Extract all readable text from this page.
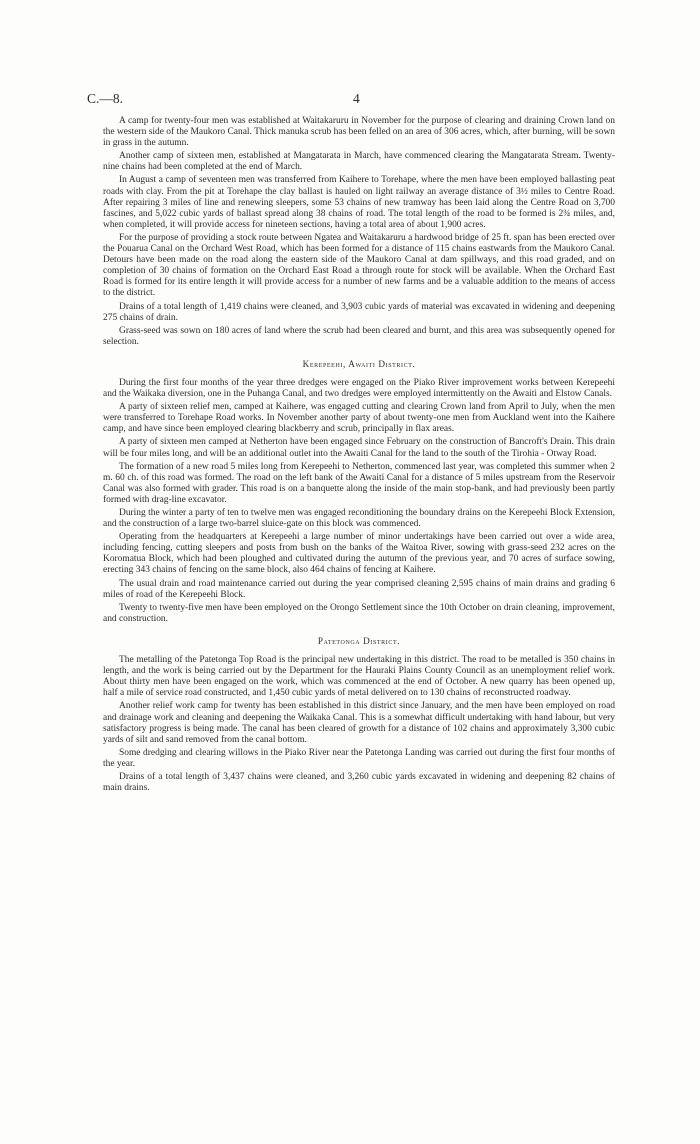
C.—8.	4

A camp for twenty-four men was established at Waitakaruru in November for the purpose of clearing and draining Crown land on the western side of the Maukoro Canal. Thick manuka scrub has been felled on an area of 306 acres, which, after burning, will be sown in grass in the autumn.

Another camp of sixteen men, established at Mangatarata in March, have commenced clearing the Mangatarata Stream. Twenty-nine chains had been completed at the end of March.

In August a camp of seventeen men was transferred from Kaihere to Torehape, where the men have been employed ballasting peat roads with clay. From the pit at Torehape the clay ballast is hauled on light railway an average distance of 3½ miles to Centre Road. After repairing 3 miles of line and renewing sleepers, some 53 chains of new tramway has been laid along the Centre Road on 3,700 fascines, and 5,022 cubic yards of ballast spread along 38 chains of road. The total length of the road to be formed is 2¾ miles, and, when completed, it will provide access for nineteen sections, having a total area of about 1,900 acres.

For the purpose of providing a stock route between Ngatea and Waitakaruru a hardwood bridge of 25 ft. span has been erected over the Pouarua Canal on the Orchard West Road, which has been formed for a distance of 115 chains eastwards from the Maukoro Canal. Detours have been made on the road along the eastern side of the Maukoro Canal at dam spillways, and this road graded, and on completion of 30 chains of formation on the Orchard East Road a through route for stock will be available. When the Orchard East Road is formed for its entire length it will provide access for a number of new farms and be a valuable addition to the means of access to the district.

Drains of a total length of 1,419 chains were cleaned, and 3,903 cubic yards of material was excavated in widening and deepening 275 chains of drain.

Grass-seed was sown on 180 acres of land where the scrub had been cleared and burnt, and this area was subsequently opened for selection.

Kerepeehi, Awaiti District.

During the first four months of the year three dredges were engaged on the Piako River improvement works between Kerepeehi and the Waikaka diversion, one in the Puhanga Canal, and two dredges were employed intermittently on the Awaiti and Elstow Canals.

A party of sixteen relief men, camped at Kaihere, was engaged cutting and clearing Crown land from April to July, when the men were transferred to Torehape Road works. In November another party of about twenty-one men from Auckland went into the Kaihere camp, and have since been employed clearing blackberry and scrub, principally in flax areas.

A party of sixteen men camped at Netherton have been engaged since February on the construction of Bancroft's Drain. This drain will be four miles long, and will be an additional outlet into the Awaiti Canal for the land to the south of the Tirohia - Otway Road.

The formation of a new road 5 miles long from Kerepeehi to Netherton, commenced last year, was completed this summer when 2 m. 60 ch. of this road was formed. The road on the left bank of the Awaiti Canal for a distance of 5 miles upstream from the Reservoir Canal was also formed with grader. This road is on a banquette along the inside of the main stop-bank, and had previously been partly formed with drag-line excavator.

During the winter a party of ten to twelve men was engaged reconditioning the boundary drains on the Kerepeehi Block Extension, and the construction of a large two-barrel sluice-gate on this block was commenced.

Operating from the headquarters at Kerepeehi a large number of minor undertakings have been carried out over a wide area, including fencing, cutting sleepers and posts from bush on the banks of the Waitoa River, sowing with grass-seed 232 acres on the Koromatua Block, which had been ploughed and cultivated during the autumn of the previous year, and 70 acres of surface sowing, erecting 343 chains of fencing on the same block, also 464 chains of fencing at Kaihere.

The usual drain and road maintenance carried out during the year comprised cleaning 2,595 chains of main drains and grading 6 miles of road of the Kerepeehi Block.

Twenty to twenty-five men have been employed on the Orongo Settlement since the 10th October on drain cleaning, improvement, and construction.

Patetonga District.

The metalling of the Patetonga Top Road is the principal new undertaking in this district. The road to be metalled is 350 chains in length, and the work is being carried out by the Department for the Hauraki Plains County Council as an unemployment relief work. About thirty men have been engaged on the work, which was commenced at the end of October. A new quarry has been opened up, half a mile of service road constructed, and 1,450 cubic yards of metal delivered on to 130 chains of reconstructed roadway.

Another relief work camp for twenty has been established in this district since January, and the men have been employed on road and drainage work and cleaning and deepening the Waikaka Canal. This is a somewhat difficult undertaking with hand labour, but very satisfactory progress is being made. The canal has been cleared of growth for a distance of 102 chains and approximately 3,300 cubic yards of silt and sand removed from the canal bottom.

Some dredging and clearing willows in the Piako River near the Patetonga Landing was carried out during the first four months of the year.

Drains of a total length of 3,437 chains were cleaned, and 3,260 cubic yards excavated in widening and deepening 82 chains of main drains.
